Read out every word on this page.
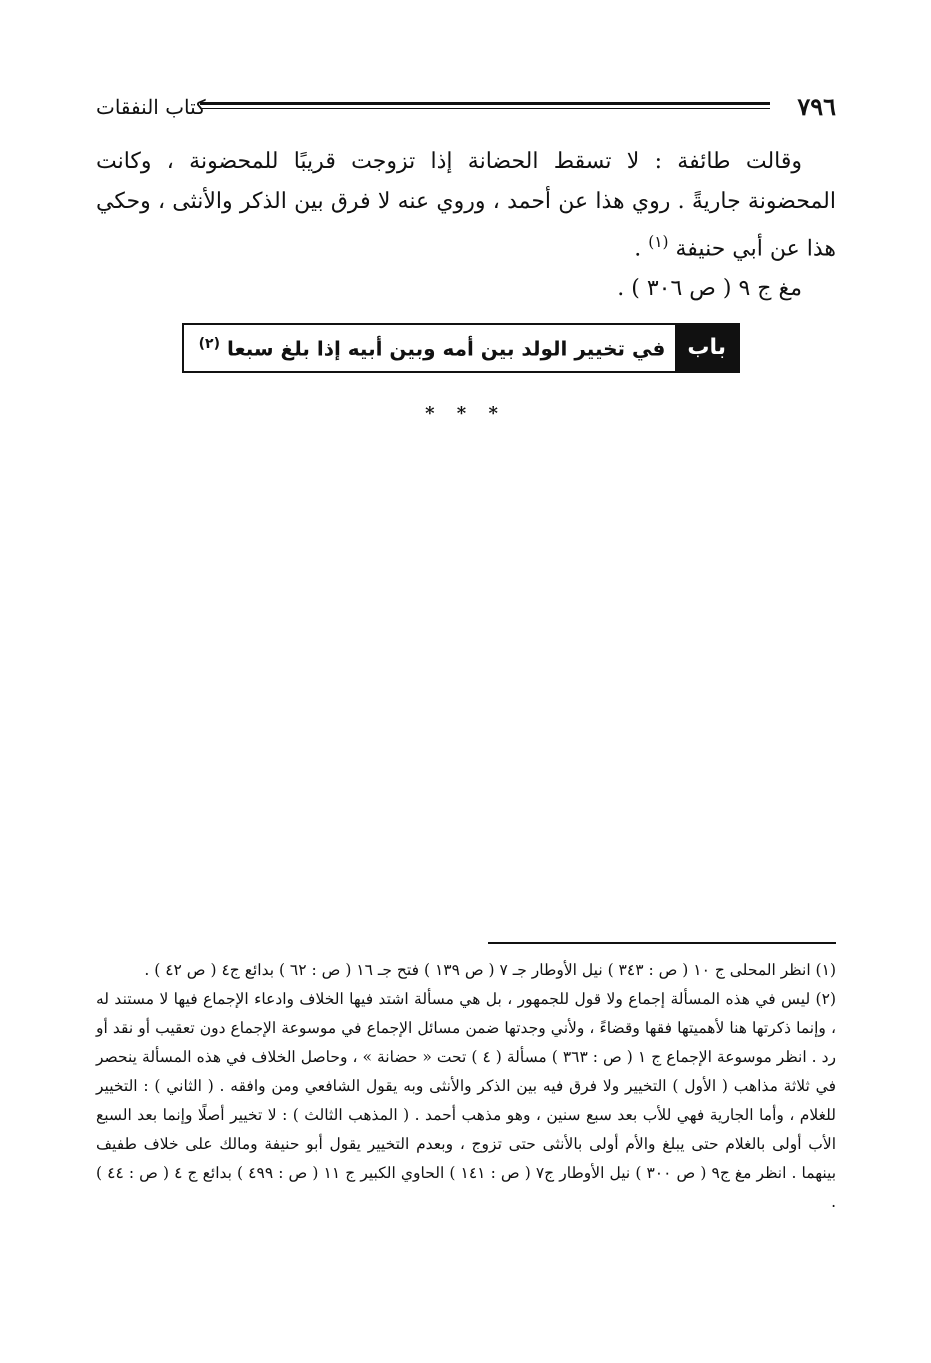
٧٩٦
كتاب النفقات

وقالت طائفة : لا تسقط الحضانة إذا تزوجت قريبًا للمحضونة ، وكانت المحضونة جاريةً . روي هذا عن أحمد ، وروي عنه لا فرق بين الذكر والأنثى ، وحكي هذا عن أبي حنيفة $^{(١)}$ .

مغ ج ٩ ( ص ٣٠٦ ) .

باب
في تخيير الولد بين أمه وبين أبيه إذا بلغ سبعا $^{(٢)}$
* * *

(١) انظر المحلى ج ١٠ ( ص : ٣٤٣ ) نيل الأوطار جـ ٧ ( ص ١٣٩ ) فتح جـ ١٦ ( ص : ٦٢ ) بدائع ج٤ ( ص ٤٢ ) .

(٢) ليس في هذه المسألة إجماع ولا قول للجمهور ، بل هي مسألة اشتد فيها الخلاف وادعاء الإجماع فيها لا مستند له ، وإنما ذكرتها هنا لأهميتها فقها وقضاءً ، ولأني وجدتها ضمن مسائل الإجماع في موسوعة الإجماع دون تعقيب أو نقد أو رد . انظر موسوعة الإجماع ج ١ ( ص : ٣٦٣ ) مسألة ( ٤ ) تحت « حضانة » ، وحاصل الخلاف في هذه المسألة ينحصر في ثلاثة مذاهب ( الأول ) التخيير ولا فرق فيه بين الذكر والأنثى وبه يقول الشافعي ومن وافقه . ( الثاني ) : التخيير للغلام ، وأما الجارية فهي للأب بعد سبع سنين ، وهو مذهب أحمد . ( المذهب الثالث ) : لا تخيير أصلًا وإنما بعد السبع الأب أولى بالغلام حتى يبلغ والأم أولى بالأنثى حتى تزوج ، وبعدم التخيير يقول أبو حنيفة ومالك على خلاف طفيف بينهما . انظر مغ ج٩ ( ص ٣٠٠ ) نيل الأوطار ج٧ ( ص : ١٤١ ) الحاوي الكبير ج ١١ ( ص : ٤٩٩ ) بدائع ج ٤ ( ص : ٤٤ ) .
